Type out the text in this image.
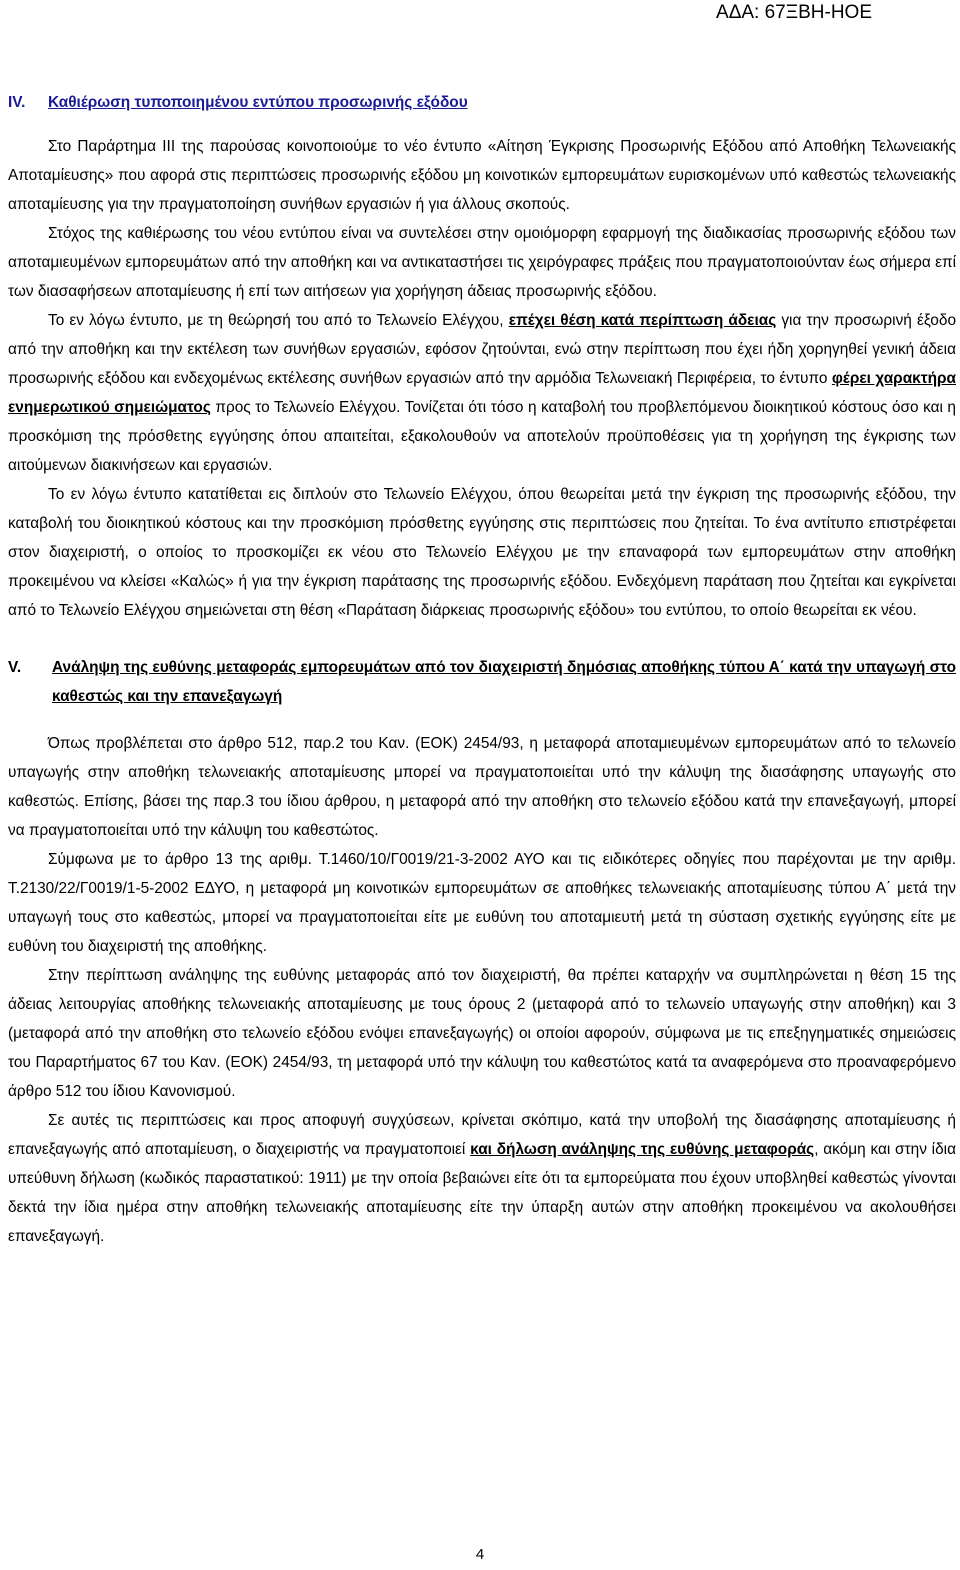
ΑΔΑ: 67ΞΒΗ-ΗΟΕ
IV.	Καθιέρωση τυποποιημένου εντύπου προσωρινής εξόδου

Στο Παράρτημα ΙΙΙ της παρούσας κοινοποιούμε το νέο έντυπο «Αίτηση Έγκρισης Προσωρινής Εξόδου από Αποθήκη Τελωνειακής Αποταμίευσης» που αφορά στις περιπτώσεις προσωρινής εξόδου μη κοινοτικών εμπορευμάτων ευρισκομένων υπό καθεστώς τελωνειακής αποταμίευσης για την πραγματοποίηση συνήθων εργασιών ή για άλλους σκοπούς.

Στόχος της καθιέρωσης του νέου εντύπου είναι να συντελέσει στην ομοιόμορφη εφαρμογή της διαδικασίας προσωρινής εξόδου των αποταμιευμένων εμπορευμάτων από την αποθήκη και να αντικαταστήσει τις χειρόγραφες πράξεις που πραγματοποιούνταν έως σήμερα επί των διασαφήσεων αποταμίευσης ή επί των αιτήσεων για χορήγηση άδειας προσωρινής εξόδου.

Το εν λόγω έντυπο, με τη θεώρησή του από το Τελωνείο Ελέγχου, επέχει θέση κατά περίπτωση άδειας για την προσωρινή έξοδο από την αποθήκη και την εκτέλεση των συνήθων εργασιών, εφόσον ζητούνται, ενώ στην περίπτωση που έχει ήδη χορηγηθεί γενική άδεια προσωρινής εξόδου και ενδεχομένως εκτέλεσης συνήθων εργασιών από την αρμόδια Τελωνειακή Περιφέρεια, το έντυπο φέρει χαρακτήρα ενημερωτικού σημειώματος προς το Τελωνείο Ελέγχου. Τονίζεται ότι τόσο η καταβολή του προβλεπόμενου διοικητικού κόστους όσο και η προσκόμιση της πρόσθετης εγγύησης όπου απαιτείται, εξακολουθούν να αποτελούν προϋποθέσεις για τη χορήγηση της έγκρισης των αιτούμενων διακινήσεων και εργασιών.

Το εν λόγω έντυπο κατατίθεται εις διπλούν στο Τελωνείο Ελέγχου, όπου θεωρείται μετά την έγκριση της προσωρινής εξόδου, την καταβολή του διοικητικού κόστους και την προσκόμιση πρόσθετης εγγύησης στις περιπτώσεις που ζητείται. Το ένα αντίτυπο επιστρέφεται στον διαχειριστή, ο οποίος το προσκομίζει εκ νέου στο Τελωνείο Ελέγχου με την επαναφορά των εμπορευμάτων στην αποθήκη προκειμένου να κλείσει «Καλώς» ή για την έγκριση παράτασης της προσωρινής εξόδου. Ενδεχόμενη παράταση που ζητείται και εγκρίνεται από το Τελωνείο Ελέγχου σημειώνεται στη θέση «Παράταση διάρκειας προσωρινής εξόδου» του εντύπου, το οποίο θεωρείται εκ νέου.

V.	Ανάληψη της ευθύνης μεταφοράς εμπορευμάτων από τον διαχειριστή δημόσιας αποθήκης τύπου Α΄ κατά την υπαγωγή στο καθεστώς και την επανεξαγωγή

Όπως προβλέπεται στο άρθρο 512, παρ.2 του Καν. (ΕΟΚ) 2454/93, η μεταφορά αποταμιευμένων εμπορευμάτων από το τελωνείο υπαγωγής στην αποθήκη τελωνειακής αποταμίευσης μπορεί να πραγματοποιείται υπό την κάλυψη της διασάφησης υπαγωγής στο καθεστώς. Επίσης, βάσει της παρ.3 του ίδιου άρθρου, η μεταφορά από την αποθήκη στο τελωνείο εξόδου κατά την επανεξαγωγή, μπορεί να πραγματοποιείται υπό την κάλυψη του καθεστώτος.

Σύμφωνα με το άρθρο 13 της αριθμ. Τ.1460/10/Γ0019/21-3-2002 ΑΥΟ και τις ειδικότερες οδηγίες που παρέχονται με την αριθμ. Τ.2130/22/Γ0019/1-5-2002 ΕΔΥΟ, η μεταφορά μη κοινοτικών εμπορευμάτων σε αποθήκες τελωνειακής αποταμίευσης τύπου Α΄ μετά την υπαγωγή τους στο καθεστώς, μπορεί να πραγματοποιείται είτε με ευθύνη του αποταμιευτή μετά τη σύσταση σχετικής εγγύησης είτε με ευθύνη του διαχειριστή της αποθήκης.

Στην περίπτωση ανάληψης της ευθύνης μεταφοράς από τον διαχειριστή, θα πρέπει καταρχήν να συμπληρώνεται η θέση 15 της άδειας λειτουργίας αποθήκης τελωνειακής αποταμίευσης με τους όρους 2 (μεταφορά από το τελωνείο υπαγωγής στην αποθήκη) και 3 (μεταφορά από την αποθήκη στο τελωνείο εξόδου ενόψει επανεξαγωγής) οι οποίοι αφορούν, σύμφωνα με τις επεξηγηματικές σημειώσεις του Παραρτήματος 67 του Καν. (ΕΟΚ) 2454/93, τη μεταφορά υπό την κάλυψη του καθεστώτος κατά τα αναφερόμενα στο προαναφερόμενο άρθρο 512 του ίδιου Κανονισμού.

Σε αυτές τις περιπτώσεις και προς αποφυγή συγχύσεων, κρίνεται σκόπιμο, κατά την υποβολή της διασάφησης αποταμίευσης ή επανεξαγωγής από αποταμίευση, ο διαχειριστής να πραγματοποιεί και δήλωση ανάληψης της ευθύνης μεταφοράς, ακόμη και στην ίδια υπεύθυνη δήλωση (κωδικός παραστατικού: 1911) με την οποία βεβαιώνει είτε ότι τα εμπορεύματα που έχουν υποβληθεί καθεστώς γίνονται δεκτά την ίδια ημέρα στην αποθήκη τελωνειακής αποταμίευσης είτε την ύπαρξη αυτών στην αποθήκη προκειμένου να ακολουθήσει επανεξαγωγή.

4
